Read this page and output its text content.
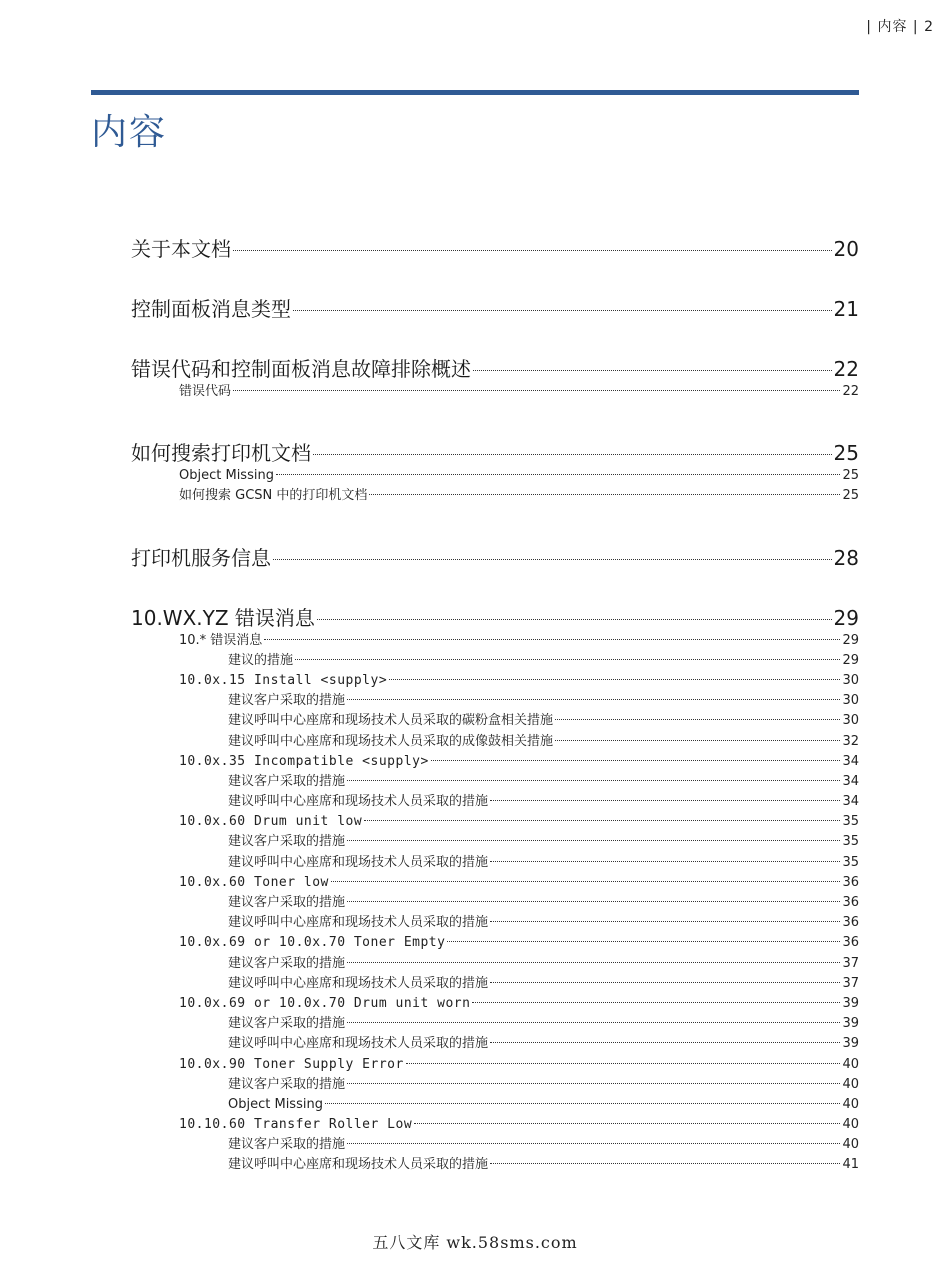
| 内容 | 2
内容
关于本文档	20
控制面板消息类型	21
错误代码和控制面板消息故障排除概述	22
错误代码	22
如何搜索打印机文档	25
Object Missing	25
如何搜索 GCSN 中的打印机文档	25
打印机服务信息	28
10.WX.YZ 错误消息	29
10.* 错误消息	29
建议的措施	29
10.0x.15 Install <supply>	30
建议客户采取的措施	30
建议呼叫中心座席和现场技术人员采取的碳粉盒相关措施	30
建议呼叫中心座席和现场技术人员采取的成像鼓相关措施	32
10.0x.35 Incompatible <supply>	34
建议客户采取的措施	34
建议呼叫中心座席和现场技术人员采取的措施	34
10.0x.60 Drum unit low	35
建议客户采取的措施	35
建议呼叫中心座席和现场技术人员采取的措施	35
10.0x.60 Toner low	36
建议客户采取的措施	36
建议呼叫中心座席和现场技术人员采取的措施	36
10.0x.69 or 10.0x.70 Toner Empty	36
建议客户采取的措施	37
建议呼叫中心座席和现场技术人员采取的措施	37
10.0x.69 or 10.0x.70 Drum unit worn	39
建议客户采取的措施	39
建议呼叫中心座席和现场技术人员采取的措施	39
10.0x.90 Toner Supply Error	40
建议客户采取的措施	40
Object Missing	40
10.10.60 Transfer Roller Low	40
建议客户采取的措施	40
建议呼叫中心座席和现场技术人员采取的措施	41
五八文库 wk.58sms.com
